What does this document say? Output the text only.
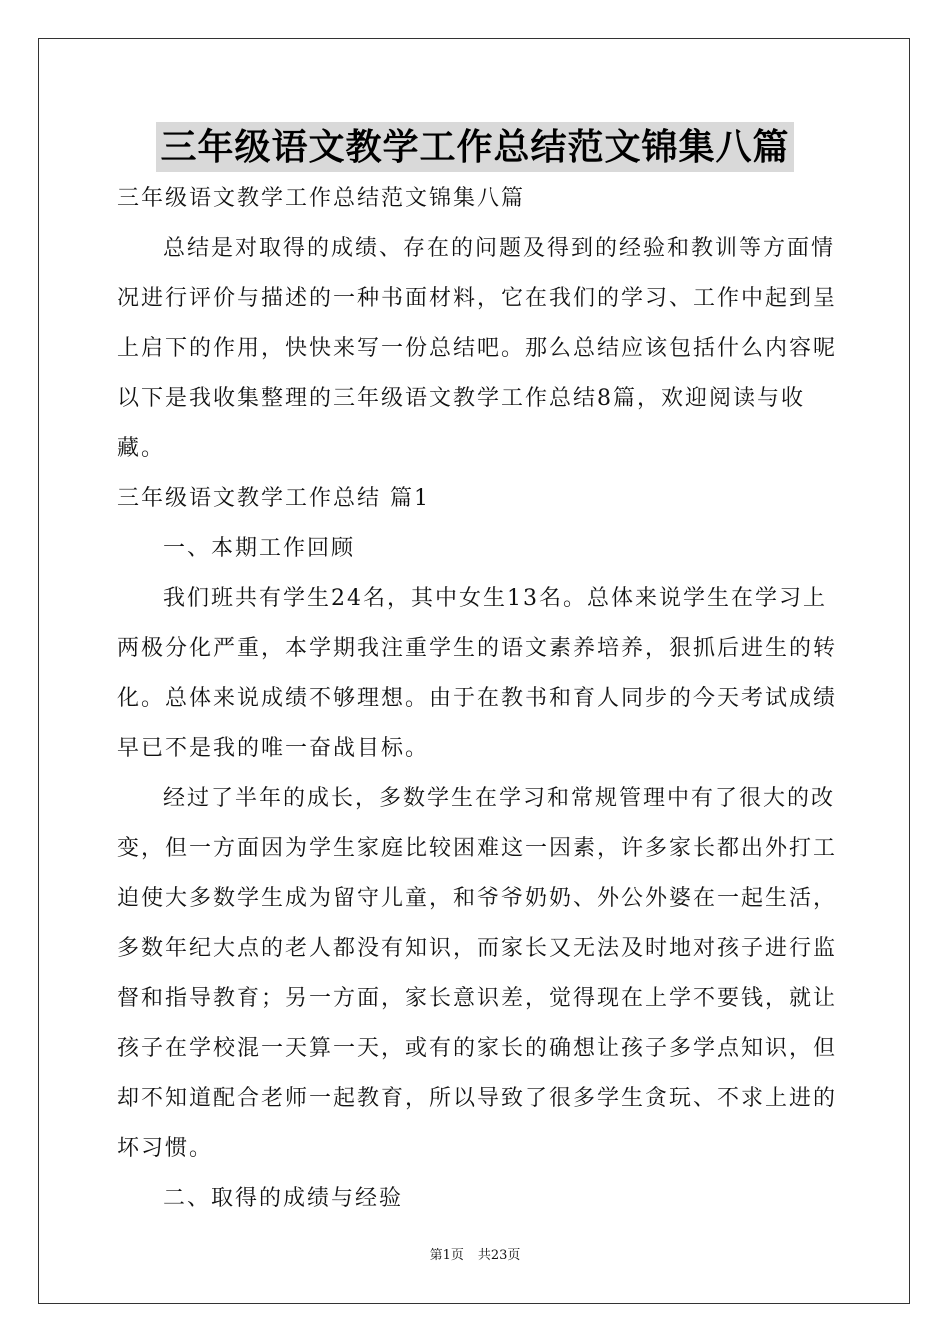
三年级语文教学工作总结范文锦集八篇

三年级语文教学工作总结范文锦集八篇

总结是对取得的成绩、存在的问题及得到的经验和教训等方面情况进行评价与描述的一种书面材料，它在我们的学习、工作中起到呈上启下的作用，快快来写一份总结吧。那么总结应该包括什么内容呢以下是我收集整理的三年级语文教学工作总结8篇，欢迎阅读与收藏。

三年级语文教学工作总结 篇1

一、本期工作回顾

我们班共有学生24名，其中女生13名。总体来说学生在学习上两极分化严重，本学期我注重学生的语文素养培养，狠抓后进生的转化。总体来说成绩不够理想。由于在教书和育人同步的今天考试成绩早已不是我的唯一奋战目标。

经过了半年的成长，多数学生在学习和常规管理中有了很大的改变，但一方面因为学生家庭比较困难这一因素，许多家长都出外打工迫使大多数学生成为留守儿童，和爷爷奶奶、外公外婆在一起生活，多数年纪大点的老人都没有知识，而家长又无法及时地对孩子进行监督和指导教育；另一方面，家长意识差，觉得现在上学不要钱，就让孩子在学校混一天算一天，或有的家长的确想让孩子多学点知识，但却不知道配合老师一起教育，所以导致了很多学生贪玩、不求上进的坏习惯。

二、取得的成绩与经验

第1页 共23页
